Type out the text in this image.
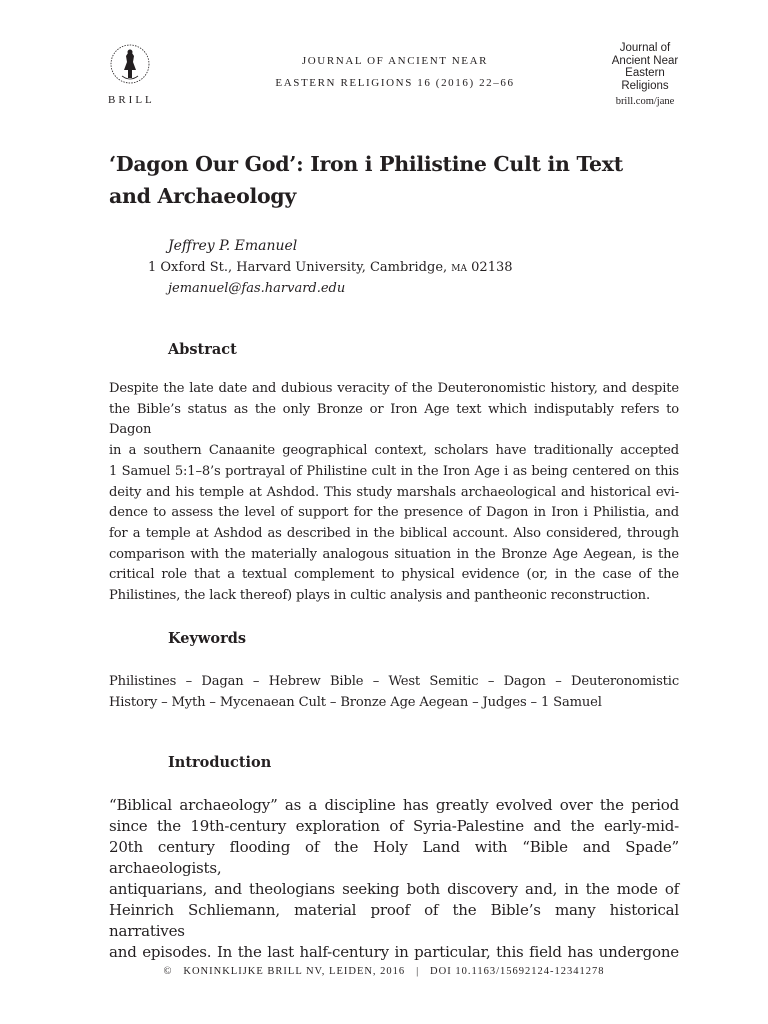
BRILL
JOURNAL OF ANCIENT NEAR
EASTERN RELIGIONS 16 (2016) 22–66
Journal of
Ancient Near
Eastern
Religions
brill.com/jane
‘Dagon Our God’: Iron i Philistine Cult in Text
and Archaeology
Jeffrey P. Emanuel
1 Oxford St., Harvard University, Cambridge, ma 02138
jemanuel@fas.harvard.edu
Abstract
Despite the late date and dubious veracity of the Deuteronomistic history, and despite
the Bible’s status as the only Bronze or Iron Age text which indisputably refers to Dagon
in a southern Canaanite geographical context, scholars have traditionally accepted
1 Samuel 5:1–8’s portrayal of Philistine cult in the Iron Age i as being centered on this
deity and his temple at Ashdod. This study marshals archaeological and historical evi-
dence to assess the level of support for the presence of Dagon in Iron i Philistia, and
for a temple at Ashdod as described in the biblical account. Also considered, through
comparison with the materially analogous situation in the Bronze Age Aegean, is the
critical role that a textual complement to physical evidence (or, in the case of the
Philistines, the lack thereof) plays in cultic analysis and pantheonic reconstruction.
Keywords
Philistines – Dagan – Hebrew Bible – West Semitic – Dagon – Deuteronomistic
History – Myth – Mycenaean Cult – Bronze Age Aegean – Judges – 1 Samuel
Introduction
“Biblical archaeology” as a discipline has greatly evolved over the period
since the 19th-century exploration of Syria-Palestine and the early-mid-
20th century flooding of the Holy Land with “Bible and Spade” archaeologists,
antiquarians, and theologians seeking both discovery and, in the mode of
Heinrich Schliemann, material proof of the Bible’s many historical narratives
and episodes. In the last half-century in particular, this field has undergone
© KONINKLIJKE BRILL NV, LEIDEN, 2016 | DOI 10.1163/15692124-12341278
